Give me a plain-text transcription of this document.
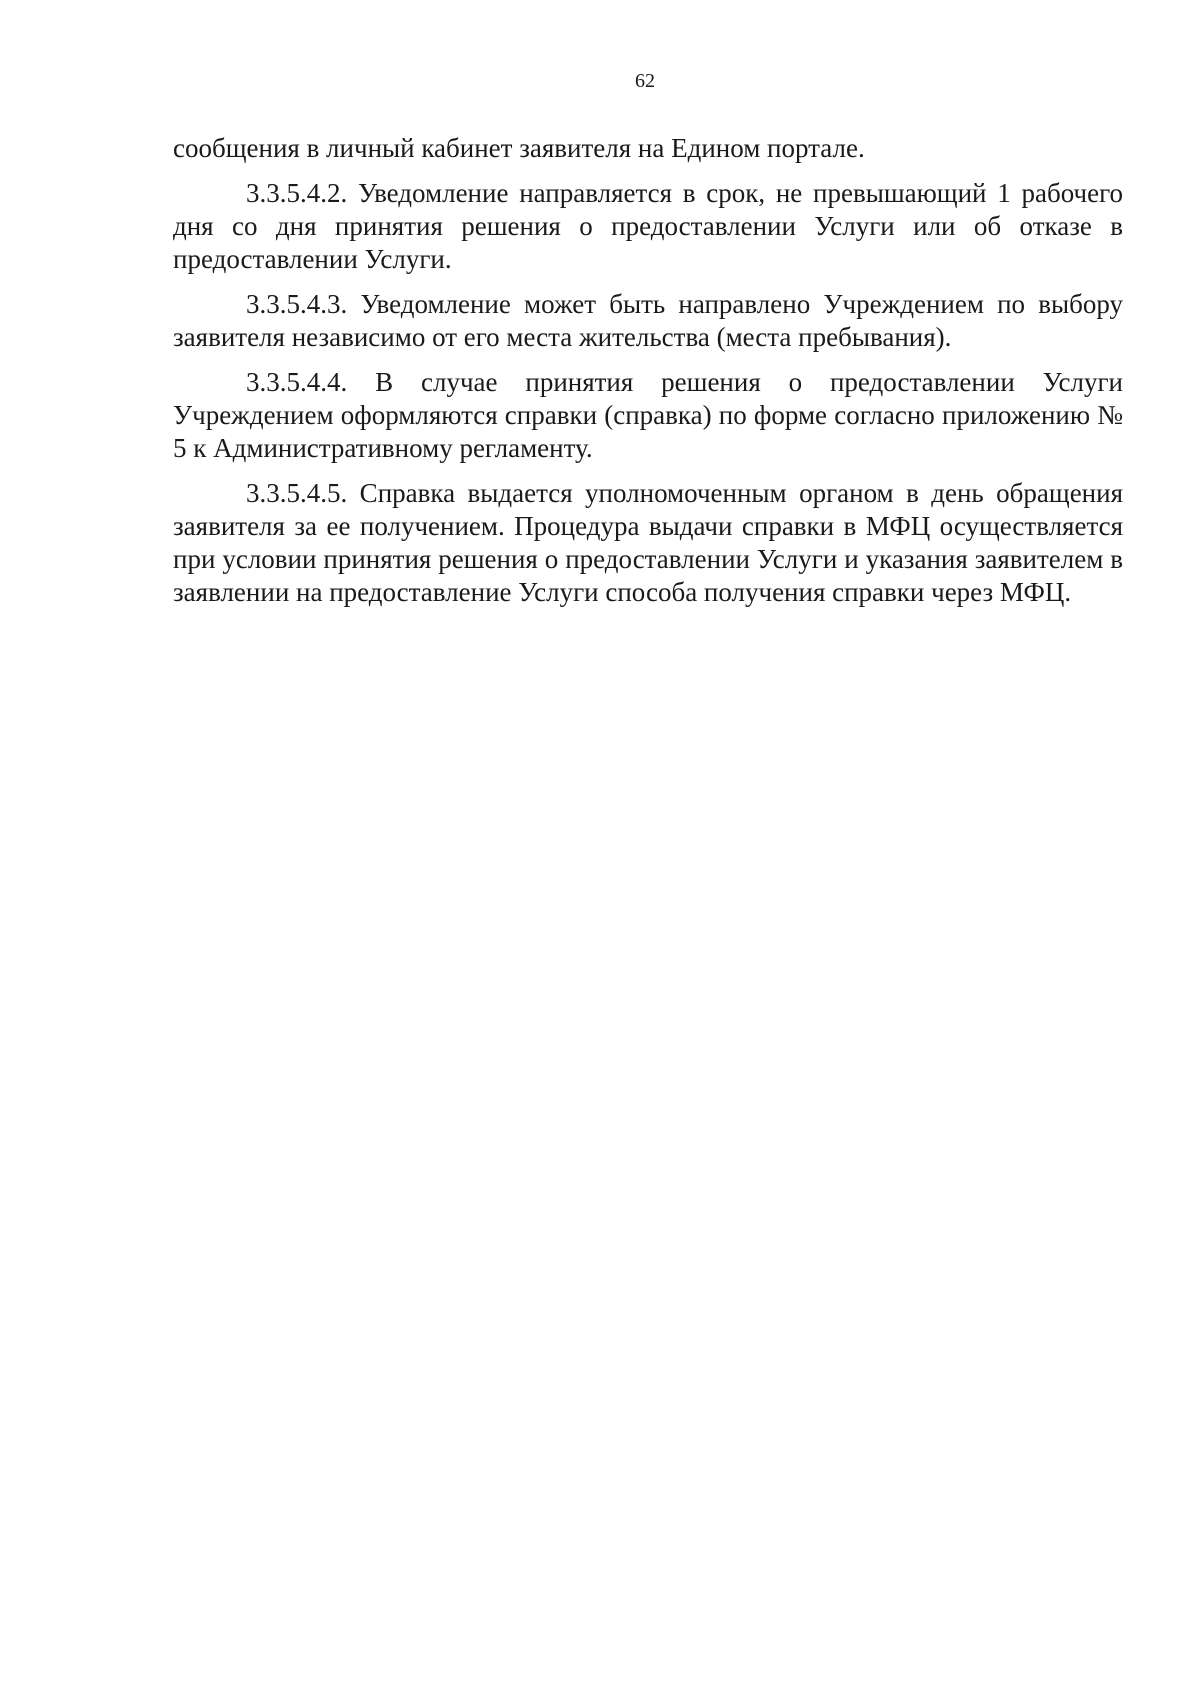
62

сообщения в личный кабинет заявителя на Едином портале.

3.3.5.4.2. Уведомление направляется в срок, не превышающий 1 рабочего дня со дня принятия решения о предоставлении Услуги или об отказе в предоставлении Услуги.

3.3.5.4.3. Уведомление может быть направлено Учреждением по выбору заявителя независимо от его места жительства (места пребывания).

3.3.5.4.4. В случае принятия решения о предоставлении Услуги Учреждением оформляются справки (справка) по форме согласно приложению № 5 к Административному регламенту.

3.3.5.4.5. Справка выдается уполномоченным органом в день обращения заявителя за ее получением. Процедура выдачи справки в МФЦ осуществляется при условии принятия решения о предоставлении Услуги и указания заявителем в заявлении на предоставление Услуги способа получения справки через МФЦ.
